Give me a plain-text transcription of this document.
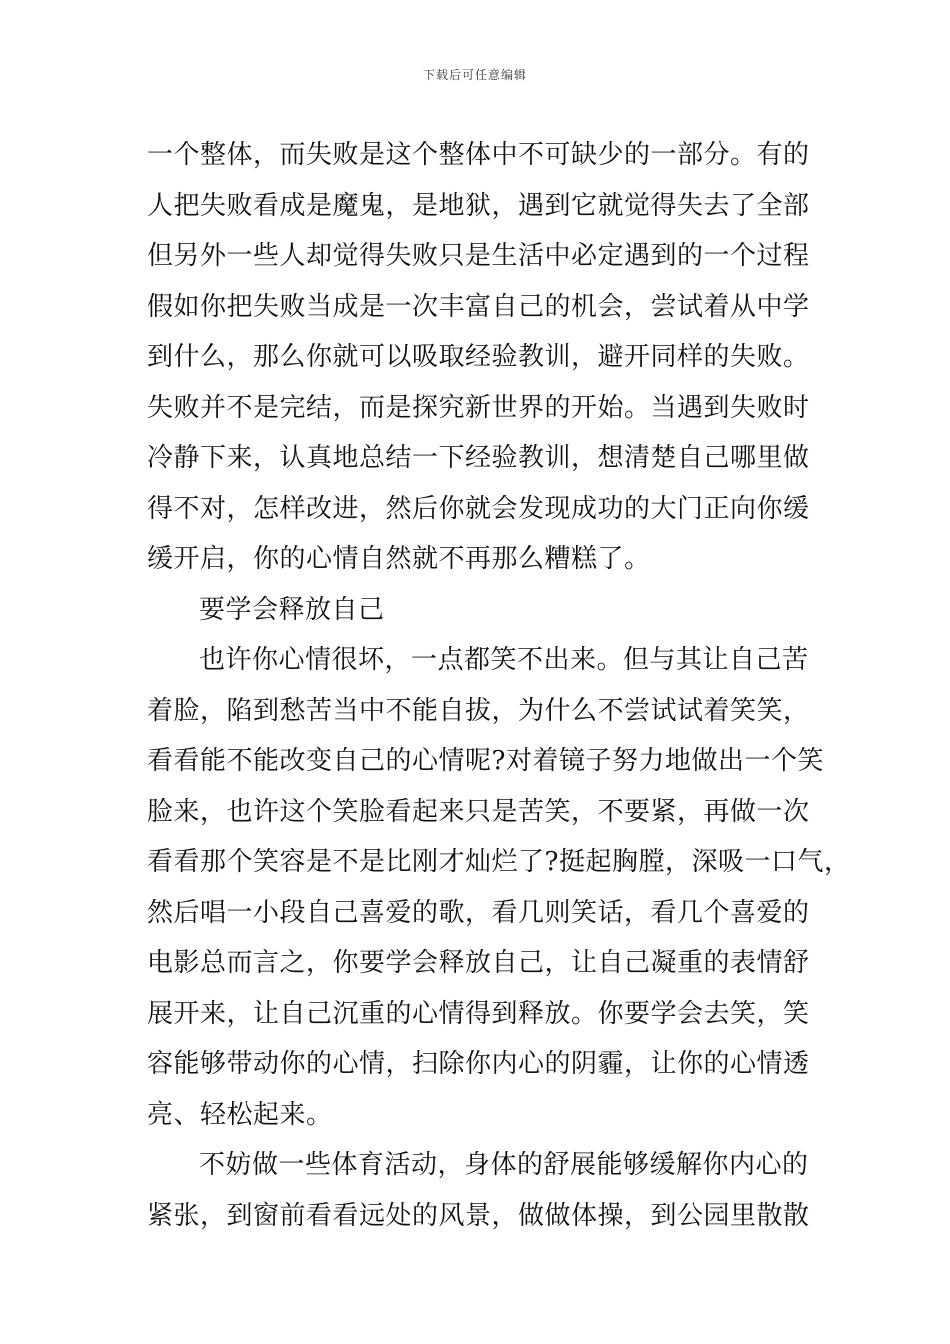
下载后可任意编辑
一个整体，而失败是这个整体中不可缺少的一部分。有的
人把失败看成是魔鬼，是地狱，遇到它就觉得失去了全部
但另外一些人却觉得失败只是生活中必定遇到的一个过程
假如你把失败当成是一次丰富自己的机会，尝试着从中学
到什么，那么你就可以吸取经验教训，避开同样的失败。
失败并不是完结，而是探究新世界的开始。当遇到失败时
冷静下来，认真地总结一下经验教训，想清楚自己哪里做
得不对，怎样改进，然后你就会发现成功的大门正向你缓
缓开启，你的心情自然就不再那么糟糕了。
要学会释放自己
也许你心情很坏，一点都笑不出来。但与其让自己苦
着脸，陷到愁苦当中不能自拔，为什么不尝试试着笑笑，
看看能不能改变自己的心情呢?对着镜子努力地做出一个笑
脸来，也许这个笑脸看起来只是苦笑，不要紧，再做一次
看看那个笑容是不是比刚才灿烂了?挺起胸膛，深吸一口气，
然后唱一小段自己喜爱的歌，看几则笑话，看几个喜爱的
电影总而言之，你要学会释放自己，让自己凝重的表情舒
展开来，让自己沉重的心情得到释放。你要学会去笑，笑
容能够带动你的心情，扫除你内心的阴霾，让你的心情透
亮、轻松起来。
不妨做一些体育活动，身体的舒展能够缓解你内心的
紧张，到窗前看看远处的风景，做做体操，到公园里散散
